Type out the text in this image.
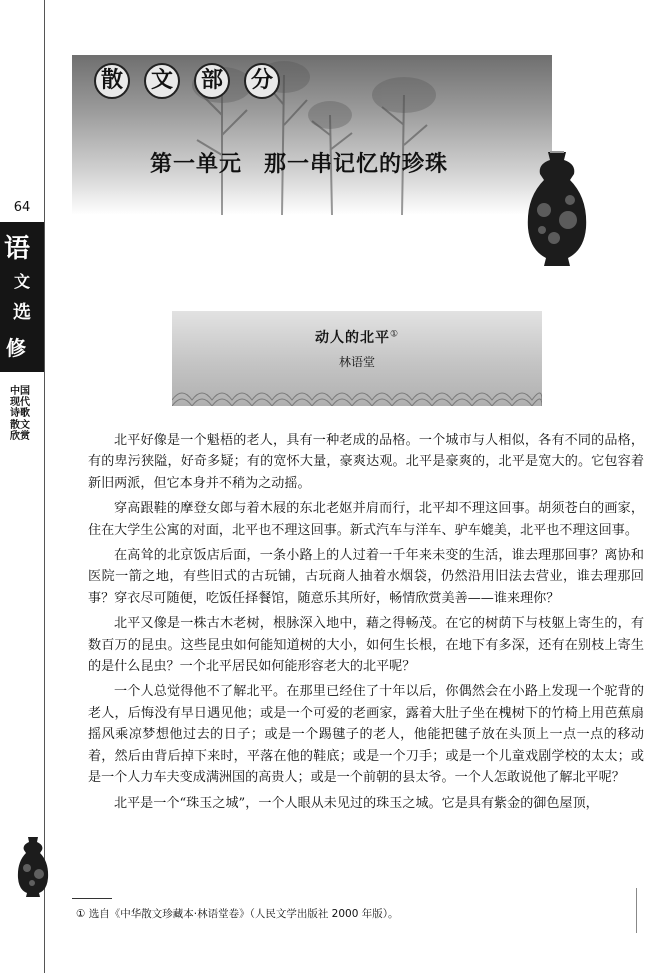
64
语
文
选
修
中国现代诗歌散文欣赏
散	文	部	分
第一单元 那一串记忆的珍珠
动人的北平①
林语堂

北平好像是一个魁梧的老人，具有一种老成的品格。一个城市与人相似，各有不同的品格，有的卑污狭隘，好奇多疑；有的宽怀大量，豪爽达观。北平是豪爽的，北平是宽大的。它包容着新旧两派，但它本身并不稍为之动摇。

穿高跟鞋的摩登女郎与着木屐的东北老妪并肩而行，北平却不理这回事。胡须苍白的画家，住在大学生公寓的对面，北平也不理这回事。新式汽车与洋车、驴车媲美，北平也不理这回事。

在高耸的北京饭店后面，一条小路上的人过着一千年来未变的生活，谁去理那回事？离协和医院一箭之地，有些旧式的古玩铺，古玩商人抽着水烟袋，仍然沿用旧法去营业，谁去理那回事？穿衣尽可随便，吃饭任择餐馆，随意乐其所好，畅情欣赏美善——谁来理你？

北平又像是一株古木老树，根脉深入地中，藉之得畅茂。在它的树荫下与枝躯上寄生的，有数百万的昆虫。这些昆虫如何能知道树的大小，如何生长根，在地下有多深，还有在别枝上寄生的是什么昆虫？一个北平居民如何能形容老大的北平呢？

一个人总觉得他不了解北平。在那里已经住了十年以后，你偶然会在小路上发现一个驼背的老人，后悔没有早日遇见他；或是一个可爱的老画家，露着大肚子坐在槐树下的竹椅上用芭蕉扇摇风乘凉梦想他过去的日子；或是一个踢毽子的老人，他能把毽子放在头顶上一点一点的移动着，然后由背后掉下来时，平落在他的鞋底；或是一个刀手；或是一个儿童戏剧学校的太太；或是一个人力车夫变成满洲国的高贵人；或是一个前朝的县太爷。一个人怎敢说他了解北平呢？

北平是一个“珠玉之城”，一个人眼从未见过的珠玉之城。它是具有紫金的御色屋顶，

① 选自《中华散文珍藏本·林语堂卷》（人民文学出版社 2000 年版）。
